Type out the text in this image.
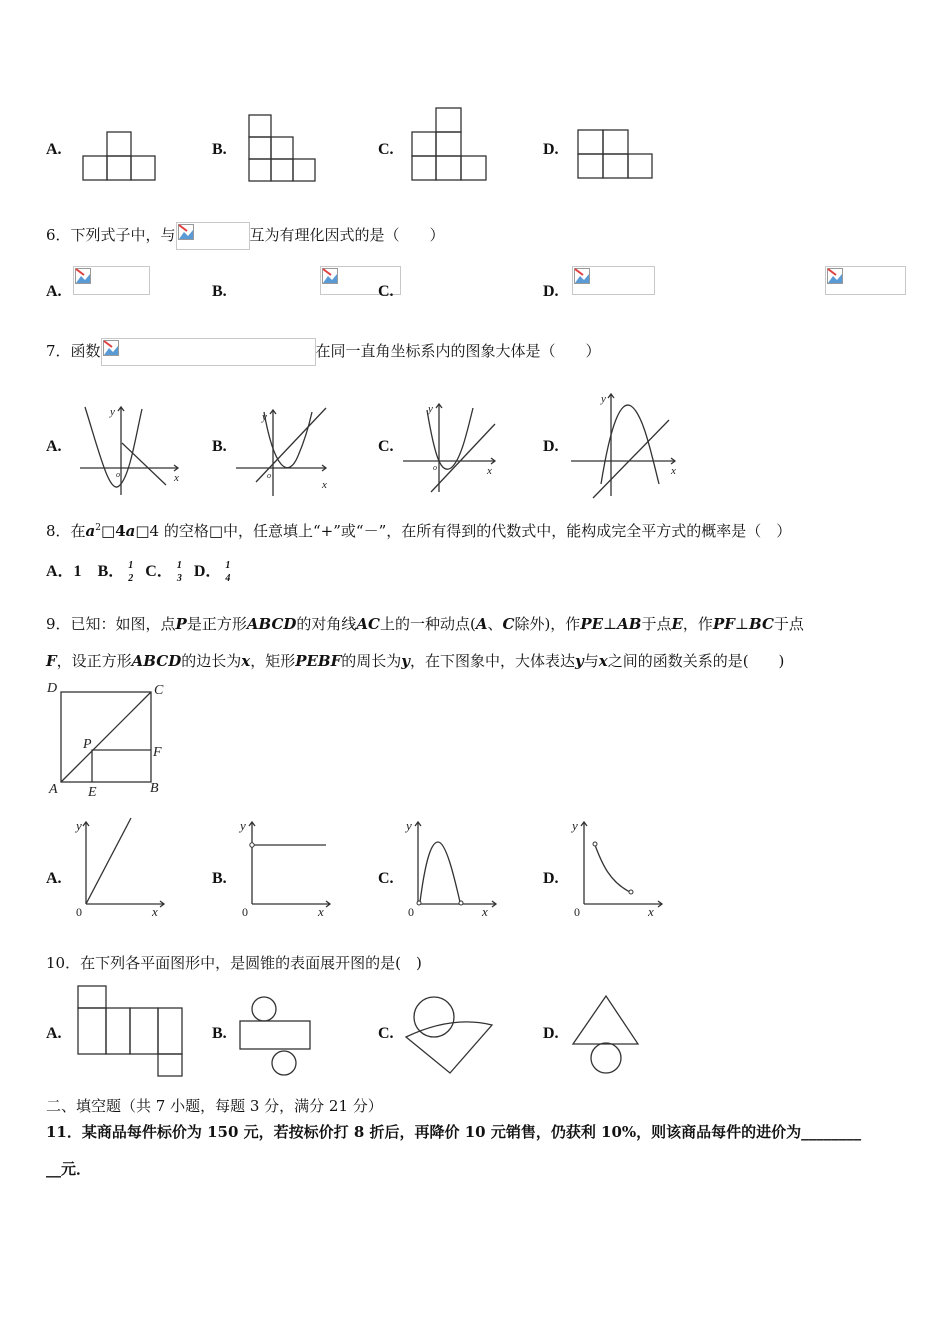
A.	B.	C.	D.
6．下列式子中，与	互为有理化因式的是（　　）
A.
	B.
	C.
	D.
7．函数	在同一直角坐标系内的图象大体是（　　）
A.
y
x
o
B.
y
x
o
C.
y
x
o
D.
y
x
8．在$a^2□4a□4$ 的空格□中，任意填上“+”或“－”，在所有得到的代数式中，能构成完全平方式的概率是（　）
A．1 B． 1
2 C． 1
3 D． 1
4
9．已知：如图，点P是正方形ABCD的对角线AC上的一种动点(A、C除外)，作PE⊥AB于点E，作PF⊥BC于点
F，设正方形ABCD的边长为x，矩形PEBF的周长为y，在下图象中，大体表达y与x之间的函数关系的是(　　)
D	C
P
F
A E	B
A.
y
x
0
B.
y
x
0
C.
y
x
0
D.
y
x
0
10．在下列各平面图形中，是圆锥的表面展开图的是(　)
A.	B.	C.	D.
二、填空题（共 7 小题，每题 3 分，满分 21 分）
11．某商品每件标价为 150 元，若按标价打 8 折后，再降价 10 元销售，仍获利 10%，则该商品每件的进价为________
__元．
